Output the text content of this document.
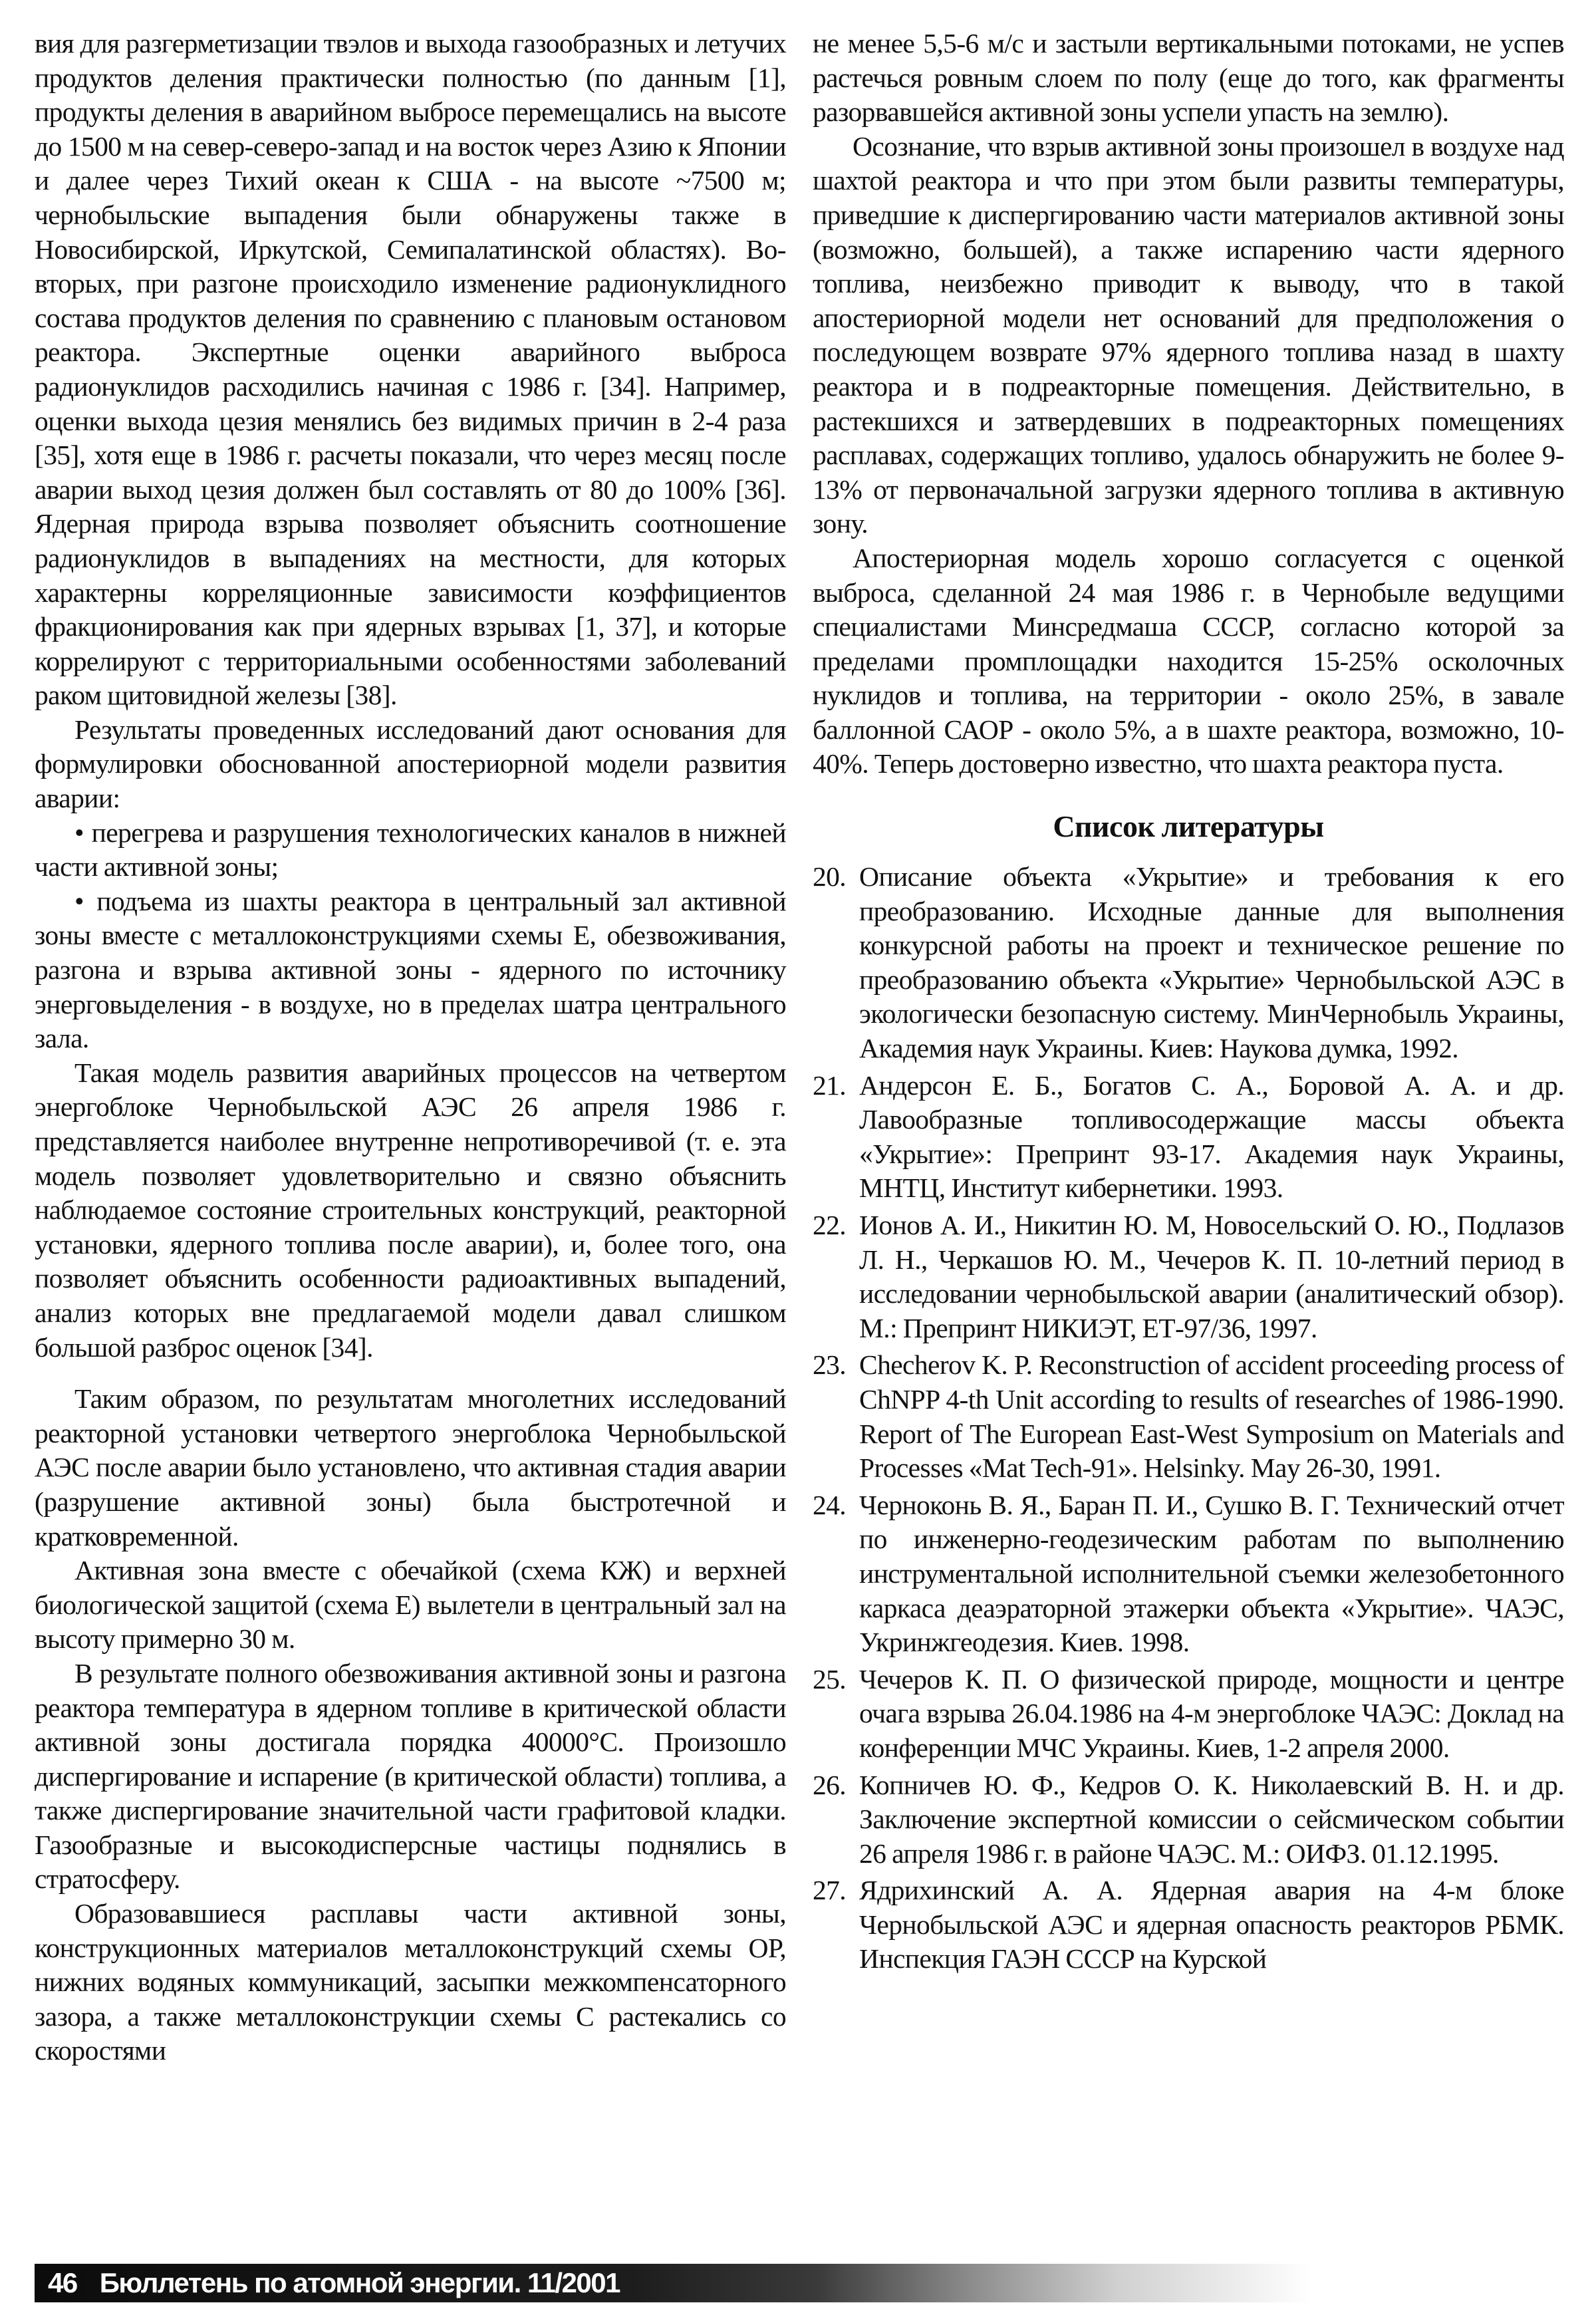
вия для разгерметизации твэлов и выхода газообразных и летучих продуктов деления практически полностью (по данным [1], продукты деления в аварийном выбросе перемещались на высоте до 1500 м на север-северо-запад и на восток через Азию к Японии и далее через Тихий океан к США - на высоте ~7500 м; чернобыльские выпадения были обнаружены также в Новосибирской, Иркутской, Семипалатинской областях). Во-вторых, при разгоне происходило изменение радионуклидного состава продуктов деления по сравнению с плановым остановом реактора. Экспертные оценки аварийного выброса радионуклидов расходились начиная с 1986 г. [34]. Например, оценки выхода цезия менялись без видимых причин в 2-4 раза [35], хотя еще в 1986 г. расчеты показали, что через месяц после аварии выход цезия должен был составлять от 80 до 100% [36]. Ядерная природа взрыва позволяет объяснить соотношение радионуклидов в выпадениях на местности, для которых характерны корреляционные зависимости коэффициентов фракционирования как при ядерных взрывах [1, 37], и которые коррелируют с территориальными особенностями заболеваний раком щитовидной железы [38].

Результаты проведенных исследований дают основания для формулировки обоснованной апостериорной модели развития аварии:

• перегрева и разрушения технологических каналов в нижней части активной зоны;

• подъема из шахты реактора в центральный зал активной зоны вместе с металлоконструкциями схемы Е, обезвоживания, разгона и взрыва активной зоны - ядерного по источнику энерговыделения - в воздухе, но в пределах шатра центрального зала.

Такая модель развития аварийных процессов на четвертом энергоблоке Чернобыльской АЭС 26 апреля 1986 г. представляется наиболее внутренне непротиворечивой (т. е. эта модель позволяет удовлетворительно и связно объяснить наблюдаемое состояние строительных конструкций, реакторной установки, ядерного топлива после аварии), и, более того, она позволяет объяснить особенности радиоактивных выпадений, анализ которых вне предлагаемой модели давал слишком большой разброс оценок [34].

Таким образом, по результатам многолетних исследований реакторной установки четвертого энергоблока Чернобыльской АЭС после аварии было установлено, что активная стадия аварии (разрушение активной зоны) была быстротечной и кратковременной.

Активная зона вместе с обечайкой (схема КЖ) и верхней биологической защитой (схема Е) вылетели в центральный зал на высоту примерно 30 м.

В результате полного обезвоживания активной зоны и разгона реактора температура в ядерном топливе в критической области активной зоны достигала порядка 40000°С. Произошло диспергирование и испарение (в критической области) топлива, а также диспергирование значительной части графитовой кладки. Газообразные и высокодисперсные частицы поднялись в стратосферу.

Образовавшиеся расплавы части активной зоны, конструкционных материалов металлоконструкций схемы ОР, нижних водяных коммуникаций, засыпки межкомпенсаторного зазора, а также металлоконструкции схемы С растекались со скоростями

не менее 5,5-6 м/с и застыли вертикальными потоками, не успев растечься ровным слоем по полу (еще до того, как фрагменты разорвавшейся активной зоны успели упасть на землю).

Осознание, что взрыв активной зоны произошел в воздухе над шахтой реактора и что при этом были развиты температуры, приведшие к диспергированию части материалов активной зоны (возможно, большей), а также испарению части ядерного топлива, неизбежно приводит к выводу, что в такой апостериорной модели нет оснований для предположения о последующем возврате 97% ядерного топлива назад в шахту реактора и в подреакторные помещения. Действительно, в растекшихся и затвердевших в подреакторных помещениях расплавах, содержащих топливо, удалось обнаружить не более 9-13% от первоначальной загрузки ядерного топлива в активную зону.

Апостериорная модель хорошо согласуется с оценкой выброса, сделанной 24 мая 1986 г. в Чернобыле ведущими специалистами Минсредмаша СССР, согласно которой за пределами промплощадки находится 15-25% осколочных нуклидов и топлива, на территории - около 25%, в завале баллонной САОР - около 5%, а в шахте реактора, возможно, 10-40%. Теперь достоверно известно, что шахта реактора пуста.

Список литературы
20. Описание объекта «Укрытие» и требования к его преобразованию. Исходные данные для выполнения конкурсной работы на проект и техническое решение по преобразованию объекта «Укрытие» Чернобыльской АЭС в экологически безопасную систему. МинЧернобыль Украины, Академия наук Украины. Киев: Наукова думка, 1992.
21. Андерсон Е. Б., Богатов С. А., Боровой А. А. и др. Лавообразные топливосодержащие массы объекта «Укрытие»: Препринт 93-17. Академия наук Украины, МНТЦ, Институт кибернетики. 1993.
22. Ионов А. И., Никитин Ю. М, Новосельский О. Ю., Подлазов Л. Н., Черкашов Ю. М., Чечеров К. П. 10-летний период в исследовании чернобыльской аварии (аналитический обзор). М.: Препринт НИКИЭТ, ЕТ-97/36, 1997.
23. Checherov K. P. Reconstruction of accident proceeding process of ChNPP 4-th Unit according to results of researches of 1986-1990. Report of The European East-West Symposium on Materials and Processes «Mat Tech-91». Helsinky. May 26-30, 1991.
24. Черноконь В. Я., Баран П. И., Сушко В. Г. Технический отчет по инженерно-геодезическим работам по выполнению инструментальной исполнительной съемки железобетонного каркаса деаэраторной этажерки объекта «Укрытие». ЧАЭС, Укринжгеодезия. Киев. 1998.
25. Чечеров К. П. О физической природе, мощности и центре очага взрыва 26.04.1986 на 4-м энергоблоке ЧАЭС: Доклад на конференции МЧС Украины. Киев, 1-2 апреля 2000.
26. Копничев Ю. Ф., Кедров О. К. Николаевский В. Н. и др. Заключение экспертной комиссии о сейсмическом событии 26 апреля 1986 г. в районе ЧАЭС. М.: ОИФЗ. 01.12.1995.
27. Ядрихинский А. А. Ядерная авария на 4-м блоке Чернобыльской АЭС и ядерная опасность реакторов РБМК. Инспекция ГАЭН СССР на Курской
46 Бюллетень по атомной энергии. 11/2001
